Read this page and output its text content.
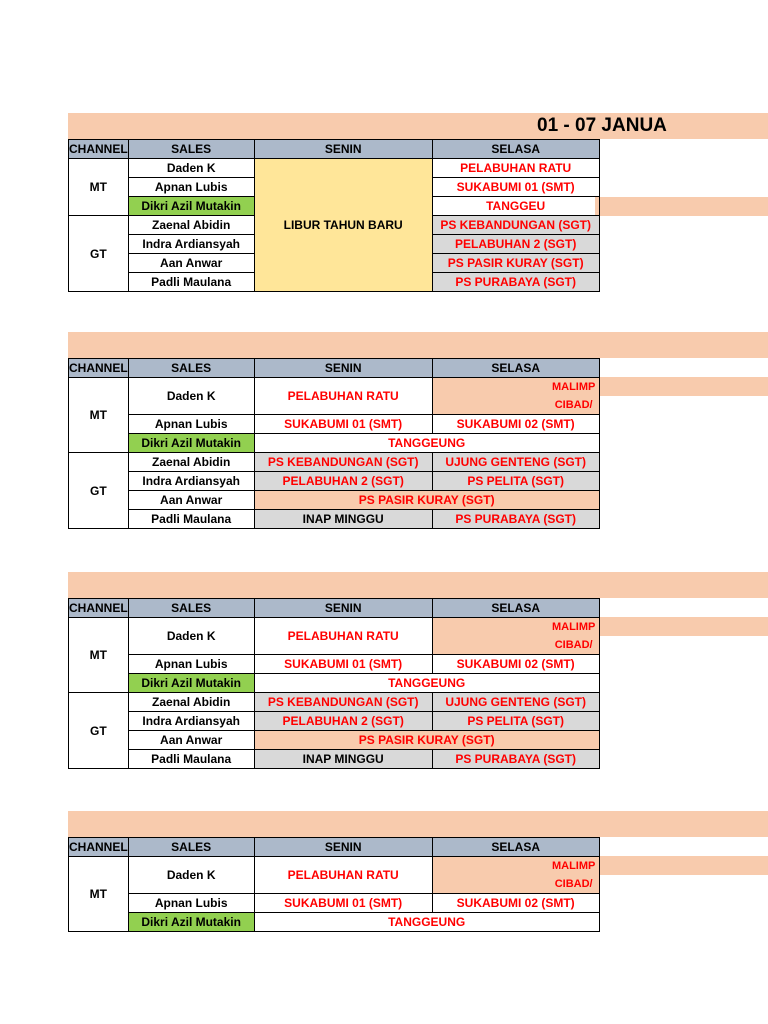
01 - 07 JANUA
CHANNEL	SALES	SENIN	SELASA
MT	Daden K	LIBUR TAHUN BARU	PELABUHAN RATU
	Apnan Lubis		SUKABUMI 01 (SMT)
	Dikri Azil Mutakin		TANGGEU
GT	Zaenal Abidin		PS KEBANDUNGAN (SGT)
	Indra Ardiansyah		PELABUHAN 2 (SGT)
	Aan Anwar		PS PASIR KURAY (SGT)
	Padli Maulana		PS PURABAYA (SGT)
CHANNEL	SALES	SENIN	SELASA
MT	Daden K	PELABUHAN RATU	MALIMP
CIBAD/

	Apnan Lubis	SUKABUMI 01 (SMT)	SUKABUMI 02 (SMT)
	Dikri Azil Mutakin	TANGGEUNG	
GT	Zaenal Abidin	PS KEBANDUNGAN (SGT)	UJUNG GENTENG (SGT)
	Indra Ardiansyah	PELABUHAN 2 (SGT)	PS PELITA (SGT)
	Aan Anwar	PS PASIR KURAY (SGT)	
	Padli Maulana	INAP MINGGU	PS PURABAYA (SGT)
CHANNEL	SALES	SENIN	SELASA
MT	Daden K	PELABUHAN RATU	MALIMP
CIBAD/

	Apnan Lubis	SUKABUMI 01 (SMT)	SUKABUMI 02 (SMT)
	Dikri Azil Mutakin	TANGGEUNG	
GT	Zaenal Abidin	PS KEBANDUNGAN (SGT)	UJUNG GENTENG (SGT)
	Indra Ardiansyah	PELABUHAN 2 (SGT)	PS PELITA (SGT)
	Aan Anwar	PS PASIR KURAY (SGT)	
	Padli Maulana	INAP MINGGU	PS PURABAYA (SGT)
CHANNEL	SALES	SENIN	SELASA
MT	Daden K	PELABUHAN RATU	MALIMP
CIBAD/

	Apnan Lubis	SUKABUMI 01 (SMT)	SUKABUMI 02 (SMT)
	Dikri Azil Mutakin	TANGGEUNG	
